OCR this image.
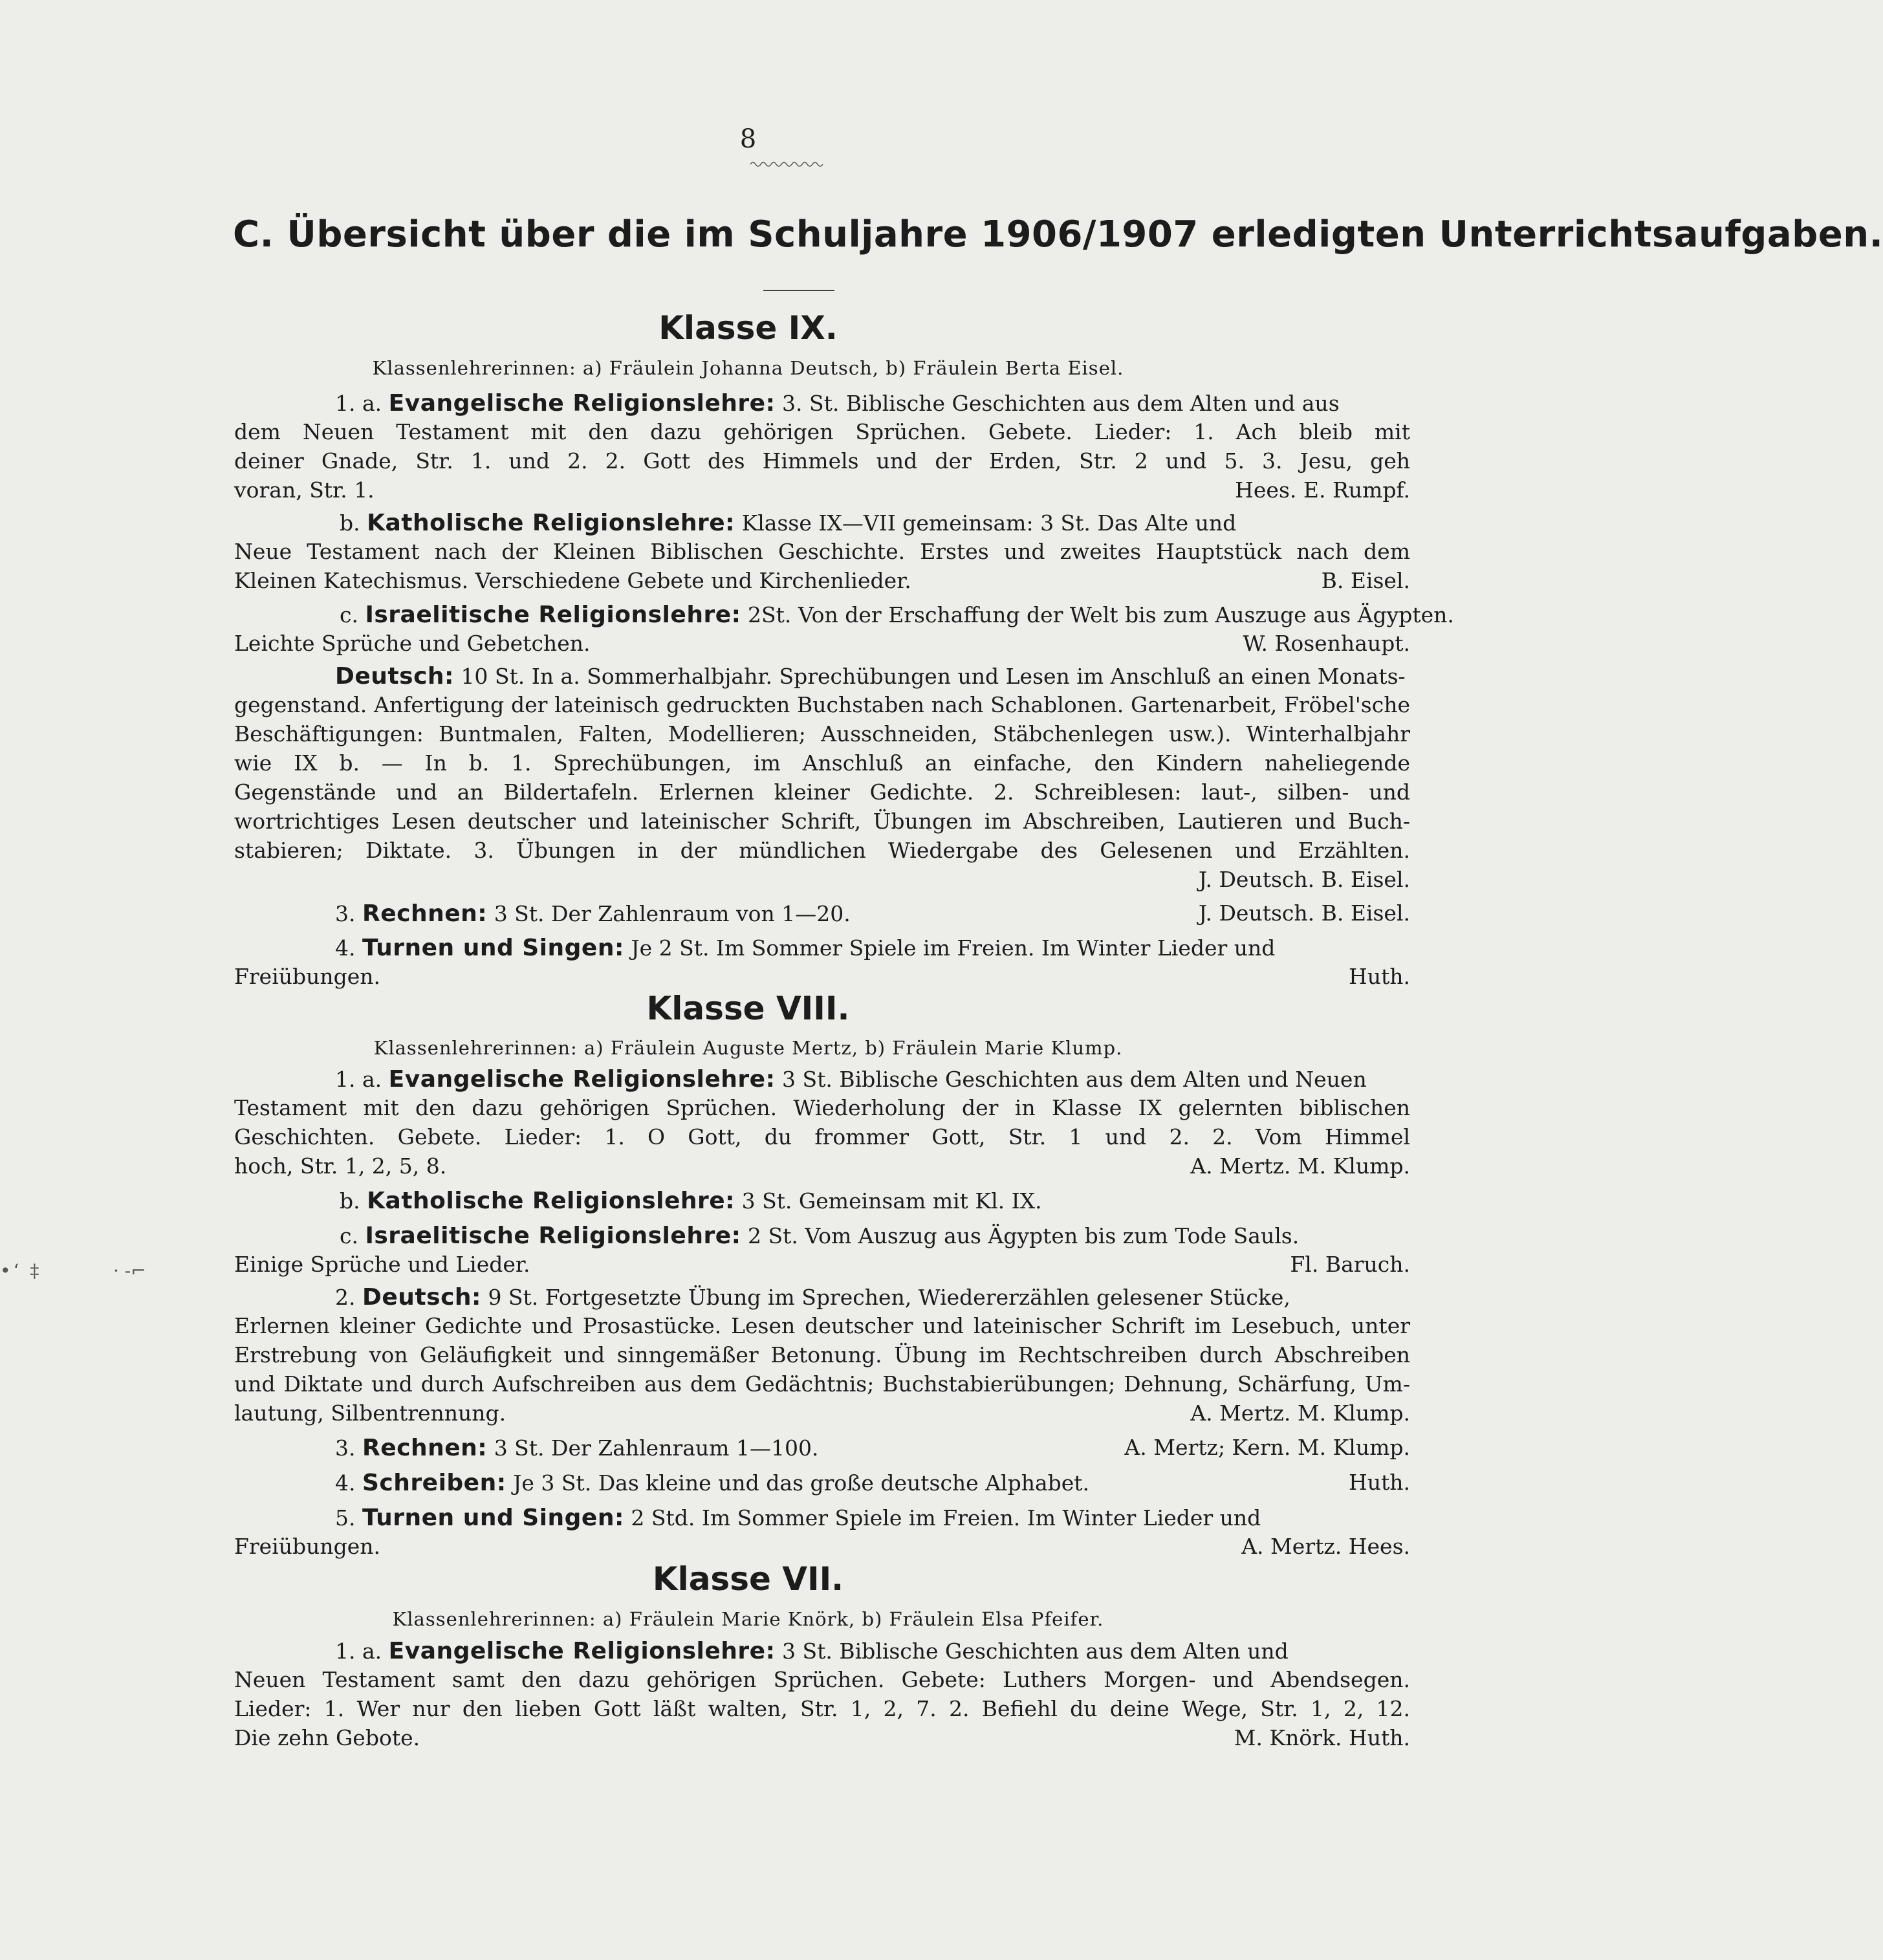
8
C. Übersicht über die im Schuljahre 1906/1907 erledigten Unterrichtsaufgaben.
Klasse IX.
Klassenlehrerinnen: a) Fräulein Johanna Deutsch, b) Fräulein Berta Eisel.
1. a. Evangelische Religionslehre: 3. St. Biblische Geschichten aus dem Alten und aus
dem Neuen Testament mit den dazu gehörigen Sprüchen. Gebete. Lieder: 1. Ach bleib mit
deiner Gnade, Str. 1. und 2. 2. Gott des Himmels und der Erden, Str. 2 und 5. 3. Jesu, geh
voran, Str. 1.	Hees. E. Rumpf.
b. Katholische Religionslehre: Klasse IX—VII gemeinsam: 3 St. Das Alte und
Neue Testament nach der Kleinen Biblischen Geschichte. Erstes und zweites Hauptstück nach dem
Kleinen Katechismus. Verschiedene Gebete und Kirchenlieder.	B. Eisel.
c. Israelitische Religionslehre: 2St. Von der Erschaffung der Welt bis zum Auszuge aus Ägypten.
Leichte Sprüche und Gebetchen.	W. Rosenhaupt.
Deutsch: 10 St. In a. Sommerhalbjahr. Sprechübungen und Lesen im Anschluß an einen Monats-
gegenstand. Anfertigung der lateinisch gedruckten Buchstaben nach Schablonen. Gartenarbeit, Fröbel'sche
Beschäftigungen: Buntmalen, Falten, Modellieren; Ausschneiden, Stäbchenlegen usw.). Winterhalbjahr
wie IX b. — In b. 1. Sprechübungen, im Anschluß an einfache, den Kindern naheliegende
Gegenstände und an Bildertafeln. Erlernen kleiner Gedichte. 2. Schreiblesen: laut-, silben- und
wortrichtiges Lesen deutscher und lateinischer Schrift, Übungen im Abschreiben, Lautieren und Buch-
stabieren; Diktate. 3. Übungen in der mündlichen Wiedergabe des Gelesenen und Erzählten.
J. Deutsch. B. Eisel.
3. Rechnen: 3 St. Der Zahlenraum von 1—20.	J. Deutsch. B. Eisel.
4. Turnen und Singen: Je 2 St. Im Sommer Spiele im Freien. Im Winter Lieder und
Freiübungen.	Huth.
Klasse VIII.
Klassenlehrerinnen: a) Fräulein Auguste Mertz, b) Fräulein Marie Klump.
1. a. Evangelische Religionslehre: 3 St. Biblische Geschichten aus dem Alten und Neuen
Testament mit den dazu gehörigen Sprüchen. Wiederholung der in Klasse IX gelernten biblischen
Geschichten. Gebete. Lieder: 1. O Gott, du frommer Gott, Str. 1 und 2. 2. Vom Himmel
hoch, Str. 1, 2, 5, 8.	A. Mertz. M. Klump.
b. Katholische Religionslehre: 3 St. Gemeinsam mit Kl. IX.
c. Israelitische Religionslehre: 2 St. Vom Auszug aus Ägypten bis zum Tode Sauls.
Einige Sprüche und Lieder.	Fl. Baruch.
2. Deutsch: 9 St. Fortgesetzte Übung im Sprechen, Wiedererzählen gelesener Stücke,
Erlernen kleiner Gedichte und Prosastücke. Lesen deutscher und lateinischer Schrift im Lesebuch, unter
Erstrebung von Geläufigkeit und sinngemäßer Betonung. Übung im Rechtschreiben durch Abschreiben
und Diktate und durch Aufschreiben aus dem Gedächtnis; Buchstabierübungen; Dehnung, Schärfung, Um-
lautung, Silbentrennung.	A. Mertz. M. Klump.
3. Rechnen: 3 St. Der Zahlenraum 1—100.	A. Mertz; Kern. M. Klump.
4. Schreiben: Je 3 St. Das kleine und das große deutsche Alphabet.	Huth.
5. Turnen und Singen: 2 Std. Im Sommer Spiele im Freien. Im Winter Lieder und
Freiübungen.	A. Mertz. Hees.
Klasse VII.
Klassenlehrerinnen: a) Fräulein Marie Knörk, b) Fräulein Elsa Pfeifer.
1. a. Evangelische Religionslehre: 3 St. Biblische Geschichten aus dem Alten und
Neuen Testament samt den dazu gehörigen Sprüchen. Gebete: Luthers Morgen- und Abendsegen.
Lieder: 1. Wer nur den lieben Gott läßt walten, Str. 1, 2, 7. 2. Befiehl du deine Wege, Str. 1, 2, 12.
Die zehn Gebote.	M. Knörk. Huth.
•‘ ‡	· -⌐
